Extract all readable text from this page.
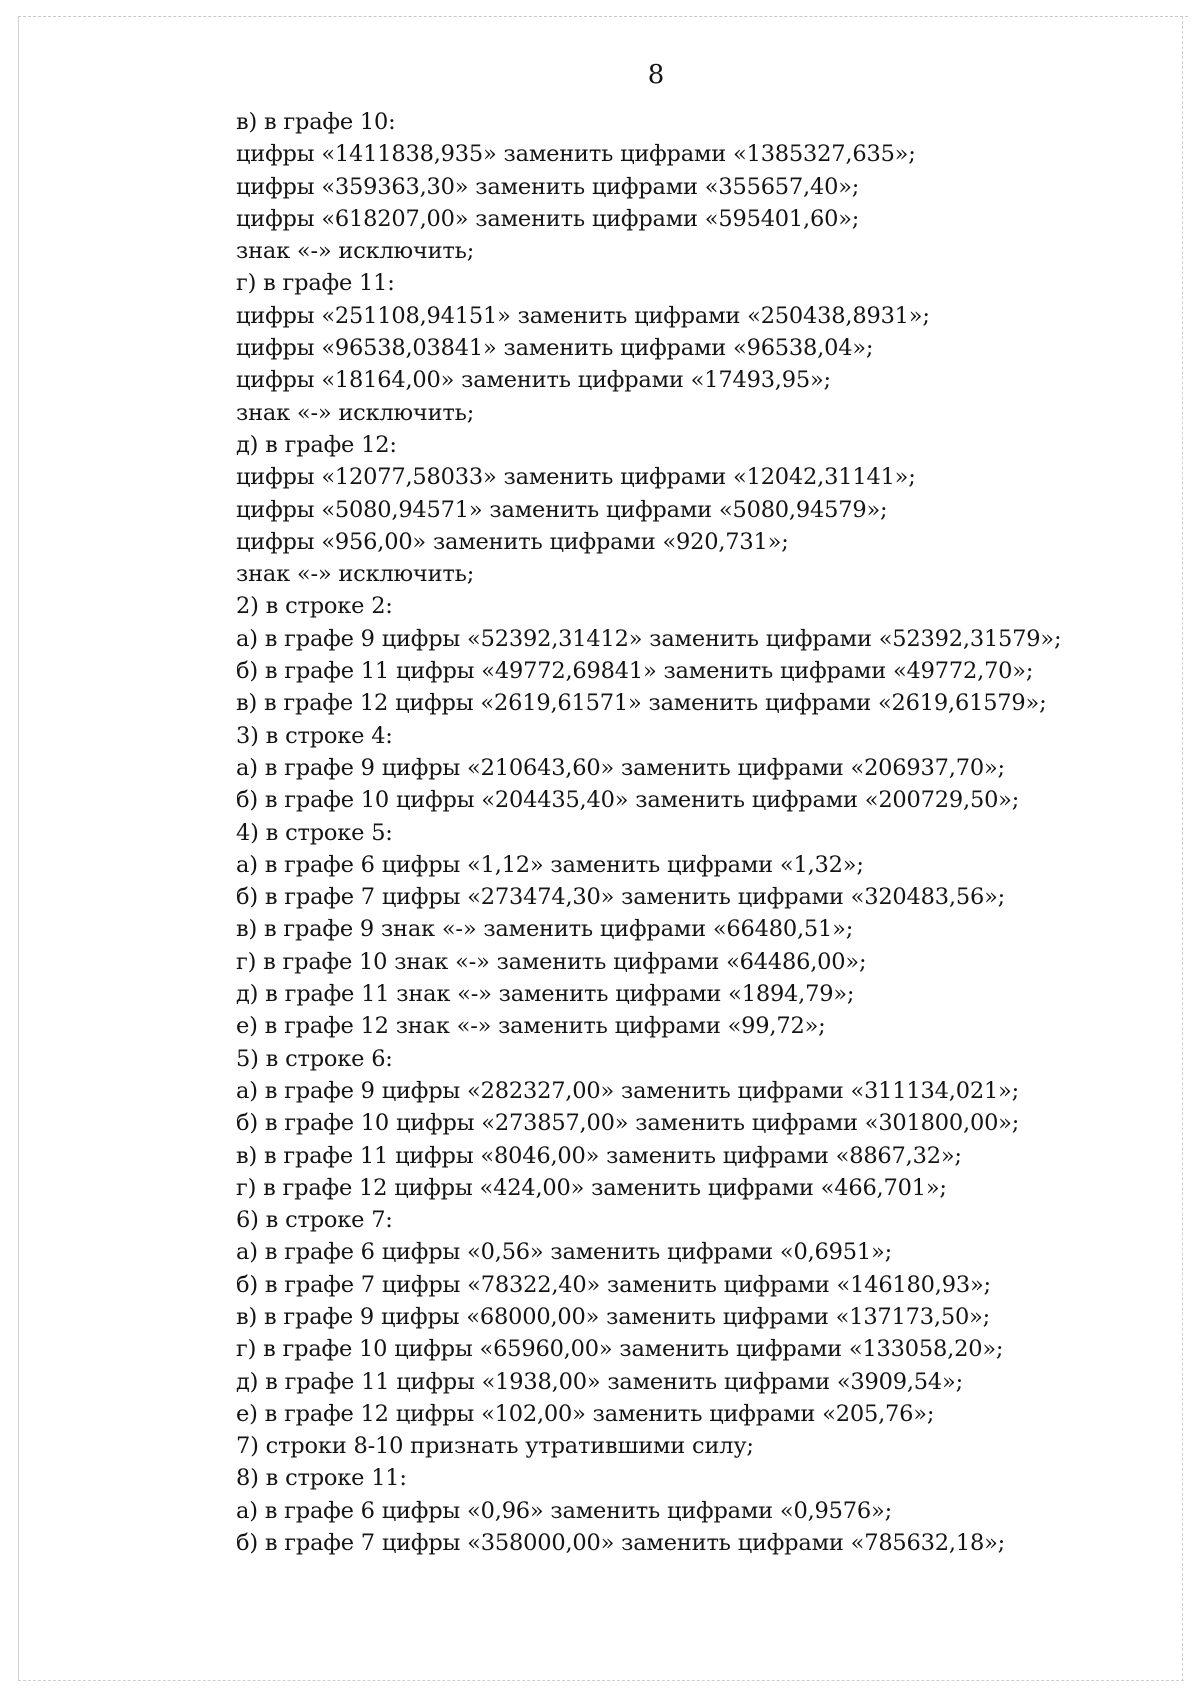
8
в) в графе 10:
цифры «1411838,935» заменить цифрами «1385327,635»;
цифры «359363,30» заменить цифрами «355657,40»;
цифры «618207,00» заменить цифрами «595401,60»;
знак «-» исключить;
г) в графе 11:
цифры «251108,94151» заменить цифрами «250438,8931»;
цифры «96538,03841» заменить цифрами «96538,04»;
цифры «18164,00» заменить цифрами «17493,95»;
знак «-» исключить;
д) в графе 12:
цифры «12077,58033» заменить цифрами «12042,31141»;
цифры «5080,94571» заменить цифрами «5080,94579»;
цифры «956,00» заменить цифрами «920,731»;
знак «-» исключить;
2) в строке 2:
а) в графе 9 цифры «52392,31412» заменить цифрами «52392,31579»;
б) в графе 11 цифры «49772,69841» заменить цифрами «49772,70»;
в) в графе 12 цифры «2619,61571» заменить цифрами «2619,61579»;
3) в строке 4:
а) в графе 9 цифры «210643,60» заменить цифрами «206937,70»;
б) в графе 10 цифры «204435,40» заменить цифрами «200729,50»;
4) в строке 5:
а) в графе 6 цифры «1,12» заменить цифрами «1,32»;
б) в графе 7 цифры «273474,30» заменить цифрами «320483,56»;
в) в графе 9 знак «-» заменить цифрами «66480,51»;
г) в графе 10 знак «-» заменить цифрами «64486,00»;
д) в графе 11 знак «-» заменить цифрами «1894,79»;
е) в графе 12 знак «-» заменить цифрами «99,72»;
5) в строке 6:
а) в графе 9 цифры «282327,00» заменить цифрами «311134,021»;
б) в графе 10 цифры «273857,00» заменить цифрами «301800,00»;
в) в графе 11 цифры «8046,00» заменить цифрами «8867,32»;
г) в графе 12 цифры «424,00» заменить цифрами «466,701»;
6) в строке 7:
а) в графе 6 цифры «0,56» заменить цифрами «0,6951»;
б) в графе 7 цифры «78322,40» заменить цифрами «146180,93»;
в) в графе 9 цифры «68000,00» заменить цифрами «137173,50»;
г) в графе 10 цифры «65960,00» заменить цифрами «133058,20»;
д) в графе 11 цифры «1938,00» заменить цифрами «3909,54»;
е) в графе 12 цифры «102,00» заменить цифрами «205,76»;
7) строки 8-10 признать утратившими силу;
8) в строке 11:
а) в графе 6 цифры «0,96» заменить цифрами «0,9576»;
б) в графе 7 цифры «358000,00» заменить цифрами «785632,18»;
